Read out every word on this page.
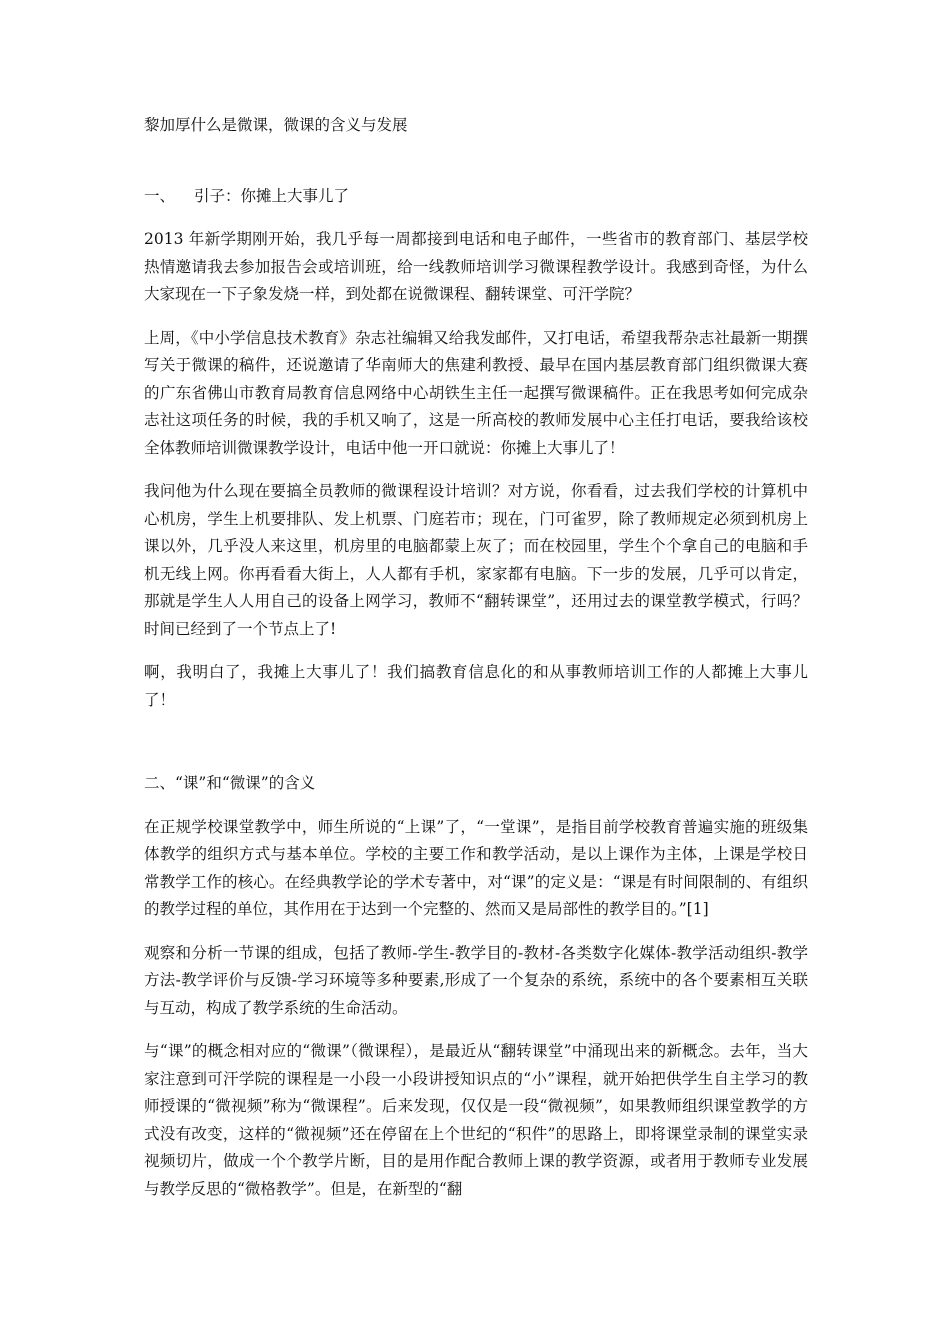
黎加厚什么是微课，微课的含义与发展

一、 引子：你摊上大事儿了

2013 年新学期刚开始，我几乎每一周都接到电话和电子邮件，一些省市的教育部门、基层学校热情邀请我去参加报告会或培训班，给一线教师培训学习微课程教学设计。我感到奇怪，为什么大家现在一下子象发烧一样，到处都在说微课程、翻转课堂、可汗学院？

上周，《中小学信息技术教育》杂志社编辑又给我发邮件，又打电话，希望我帮杂志社最新一期撰写关于微课的稿件，还说邀请了华南师大的焦建利教授、最早在国内基层教育部门组织微课大赛的广东省佛山市教育局教育信息网络中心胡铁生主任一起撰写微课稿件。正在我思考如何完成杂志社这项任务的时候，我的手机又响了，这是一所高校的教师发展中心主任打电话，要我给该校全体教师培训微课教学设计，电话中他一开口就说：你摊上大事儿了！

我问他为什么现在要搞全员教师的微课程设计培训？对方说，你看看，过去我们学校的计算机中心机房，学生上机要排队、发上机票、门庭若市；现在，门可雀罗，除了教师规定必须到机房上课以外，几乎没人来这里，机房里的电脑都蒙上灰了；而在校园里，学生个个拿自己的电脑和手机无线上网。你再看看大街上，人人都有手机，家家都有电脑。下一步的发展，几乎可以肯定，那就是学生人人用自己的设备上网学习，教师不“翻转课堂”，还用过去的课堂教学模式，行吗？时间已经到了一个节点上了!

啊，我明白了，我摊上大事儿了！我们搞教育信息化的和从事教师培训工作的人都摊上大事儿了！

二、“课”和“微课”的含义

在正规学校课堂教学中，师生所说的“上课”了，“一堂课”，是指目前学校教育普遍实施的班级集体教学的组织方式与基本单位。学校的主要工作和教学活动，是以上课作为主体，上课是学校日常教学工作的核心。在经典教学论的学术专著中，对“课”的定义是：“课是有时间限制的、有组织的教学过程的单位，其作用在于达到一个完整的、然而又是局部性的教学目的。”[1]

观察和分析一节课的组成，包括了教师-学生-教学目的-教材-各类数字化媒体-教学活动组织-教学方法-教学评价与反馈-学习环境等多种要素,形成了一个复杂的系统，系统中的各个要素相互关联与互动，构成了教学系统的生命活动。

与“课”的概念相对应的“微课”（微课程），是最近从“翻转课堂”中涌现出来的新概念。去年，当大家注意到可汗学院的课程是一小段一小段讲授知识点的“小”课程，就开始把供学生自主学习的教师授课的“微视频”称为“微课程”。后来发现，仅仅是一段“微视频”，如果教师组织课堂教学的方式没有改变，这样的“微视频”还在停留在上个世纪的“积件”的思路上，即将课堂录制的课堂实录视频切片，做成一个个教学片断，目的是用作配合教师上课的教学资源，或者用于教师专业发展与教学反思的“微格教学”。但是，在新型的“翻
